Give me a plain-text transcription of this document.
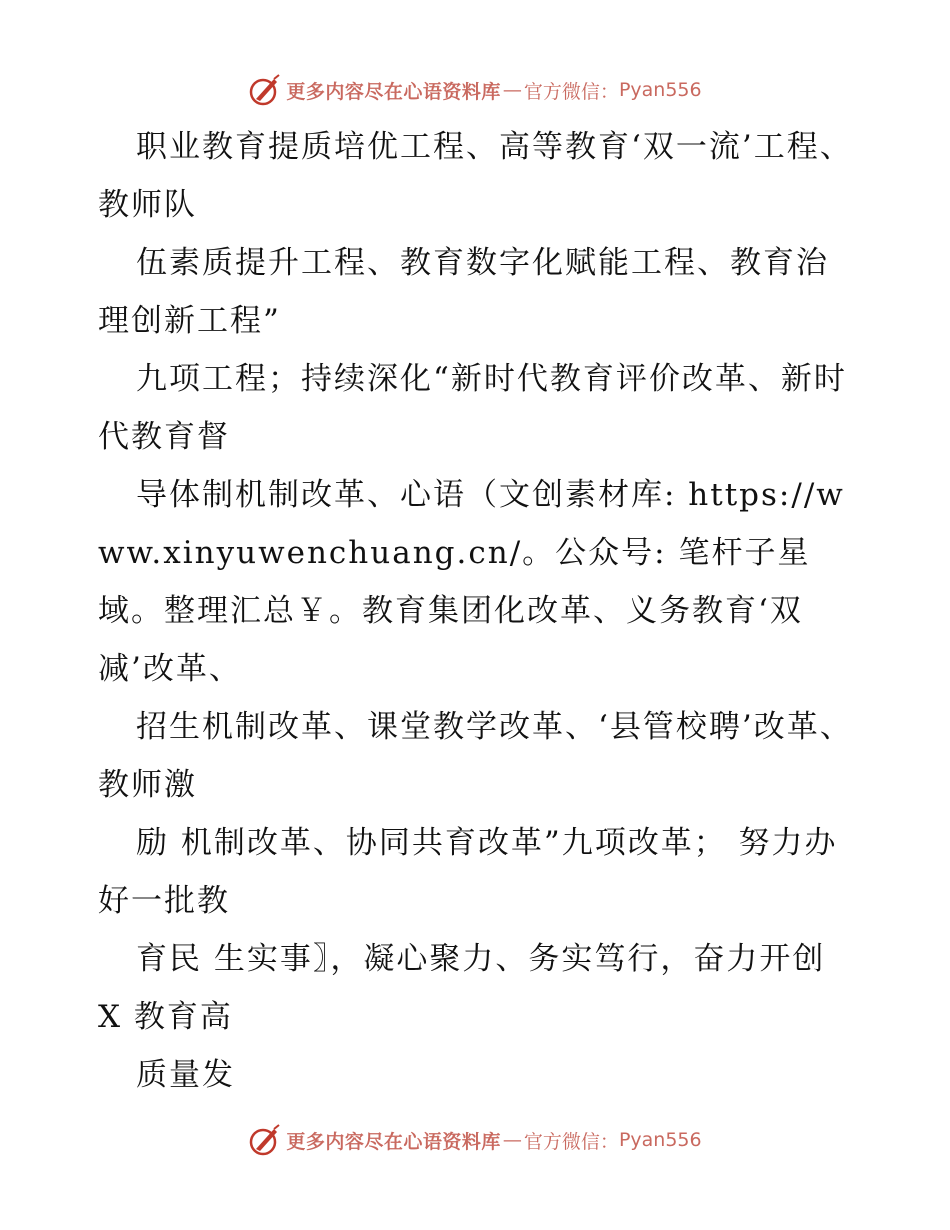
更多内容尽在心语资料库 — 官方微信： Pyan556

职业教育提质培优工程、高等教育‘双一流’工程、教师队

伍素质提升工程、教育数字化赋能工程、教育治理创新工程”

九项工程；持续深化“新时代教育评价改革、新时代教育督

导体制机制改革、心语（文创素材库: https://www.xinyuwenchuang.cn/。公众号: 笔杆子星域。整理汇总￥。教育集团化改革、义务教育‘双减’改革、

招生机制改革、课堂教学改革、‘县管校聘’改革、教师激

励 机制改革、协同共育改革”九项改革； 努力办好一批教

育民 生实事〗，凝心聚力、务实笃行，奋力开创 X 教育高

质量发

更多内容尽在心语资料库 — 官方微信： Pyan556
